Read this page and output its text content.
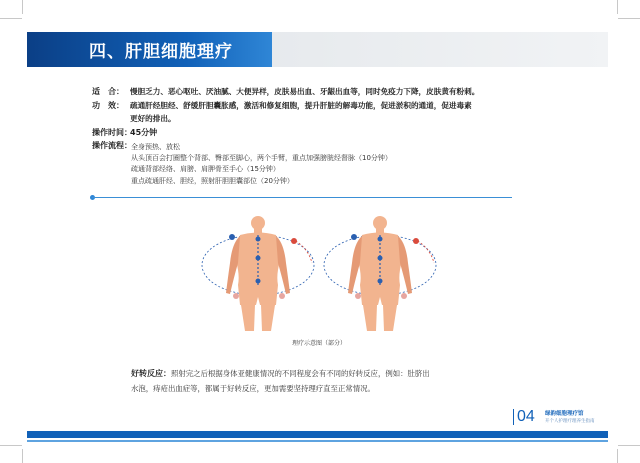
四、肝胆细胞理疗
适　合： 慢胆乏力、恶心呕吐、厌油腻、大便异样，皮肤易出血、牙龈出血等，同时免疫力下降，皮肤黄有粉刺。
功　效： 疏通肝经胆经、舒缓肝胆囊胀感，激活和修复细胞，提升肝脏的解毒功能，促进淤积的通道，促进毒素
更好的排出。
操作时间：
45分钟
操作流程： 全身预热、放松
从头顶百会打圈整个背部、臀部至脚心，两个手臂，重点加强膀胱经督脉（10分钟）
疏通背部经络、肩膀、肩胛骨至手心（15分钟）
重点疏通肝经、胆经，照射肝胆胆囊部位（20分钟）
理疗示意图（部分）
好转反应：照射完之后根据身体亚健康情况的不同程度会有不同的好转反应，例如：肚脐出
水泡，痔疮出血症等，都属于好转反应，更加需要坚持理疗直至正常情况。
04 绿韵细胞理疗馆
开个人护理疗理养生指南
